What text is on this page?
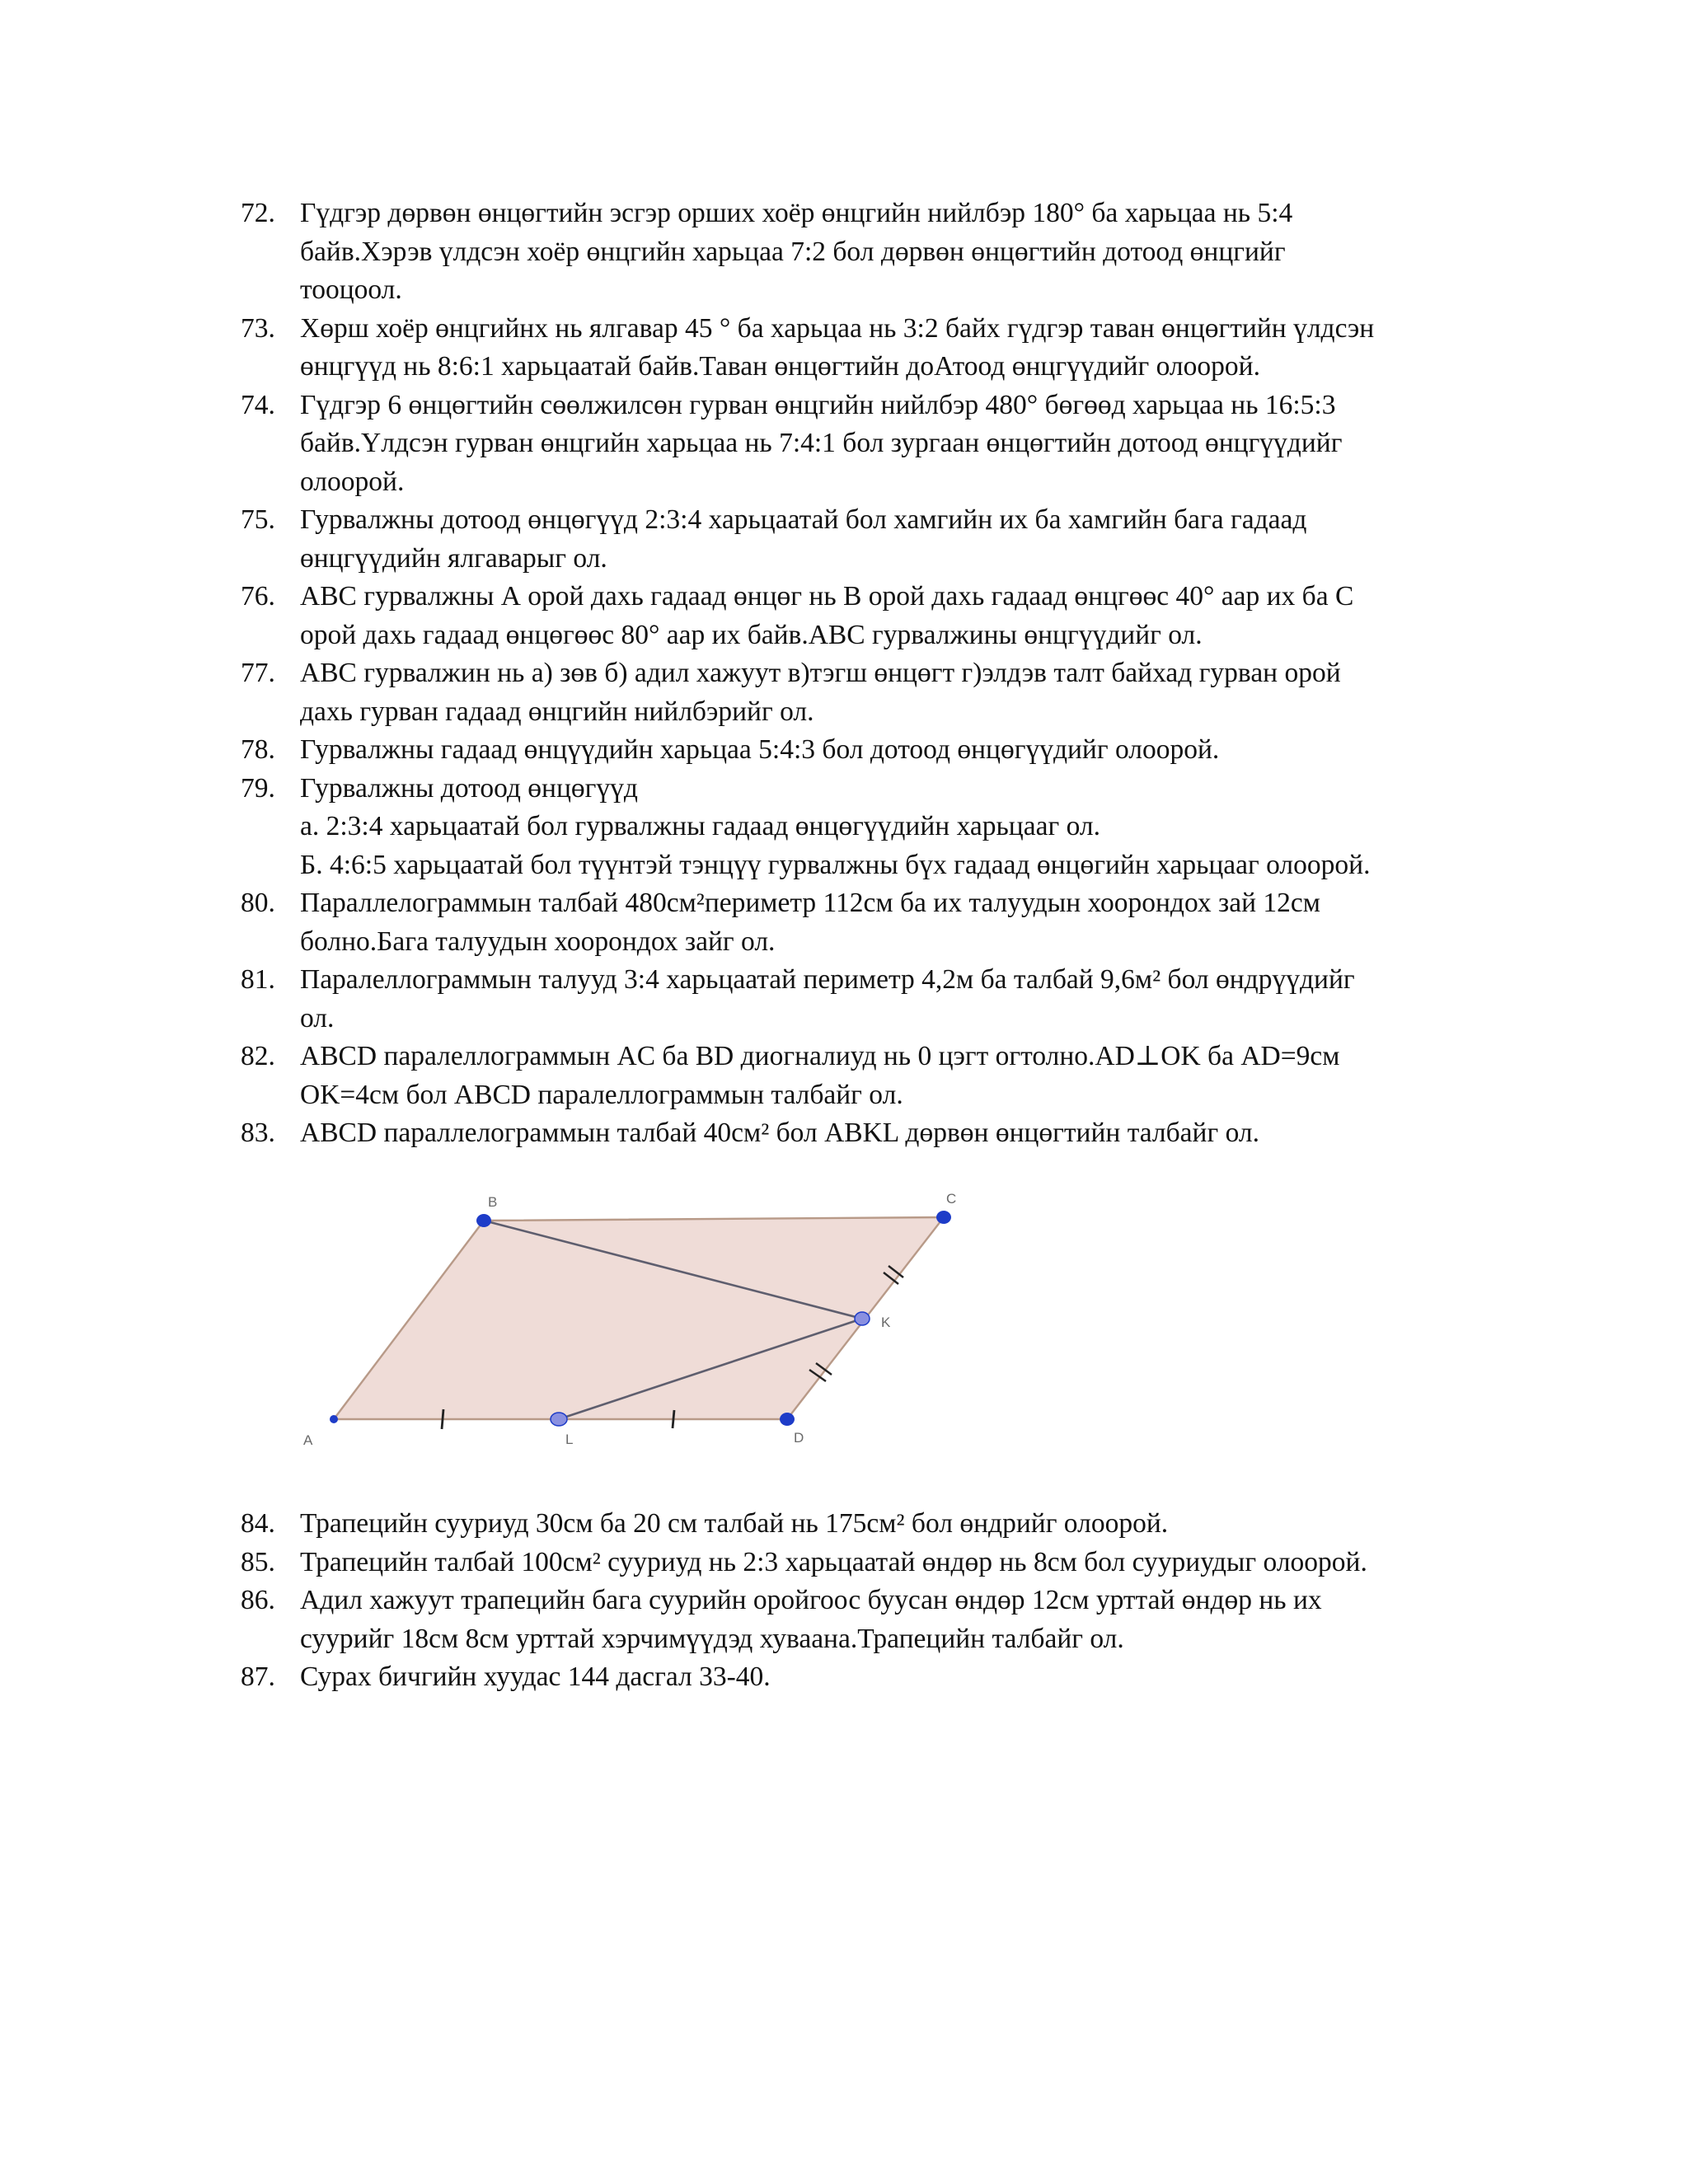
72. Гүдгэр дөрвөн өнцөгтийн эсгэр орших хоёр өнцгийн нийлбэр 180° ба харьцаа нь 5:4
байв.Хэрэв үлдсэн хоёр өнцгийн харьцаа 7:2 бол дөрвөн өнцөгтийн дотоод өнцгийг
тооцоол.
73. Хөрш хоёр өнцгийнх нь ялгавар 45 ° ба харьцаа нь 3:2 байх гүдгэр таван өнцөгтийн үлдсэн
өнцгүүд нь 8:6:1 харьцаатай байв.Таван өнцөгтийн доАтоод өнцгүүдийг олоорой.
74. Гүдгэр 6 өнцөгтийн сөөлжилсөн гурван өнцгийн нийлбэр 480° бөгөөд харьцаа нь 16:5:3
байв.Үлдсэн гурван өнцгийн харьцаа нь 7:4:1 бол зургаан өнцөгтийн дотоод өнцгүүдийг
олоорой.
75. Гурвалжны дотоод өнцөгүүд 2:3:4 харьцаатай бол хамгийн их ба хамгийн бага гадаад
өнцгүүдийн ялгаварыг ол.
76. АВС гурвалжны А орой дахь гадаад өнцөг нь В орой дахь гадаад өнцгөөс 40° аар их ба С
орой дахь гадаад өнцөгөөс 80° аар их байв.АВС гурвалжины өнцгүүдийг ол.
77. АВС гурвалжин нь а) зөв б) адил хажуут в)тэгш өнцөгт г)элдэв талт байхад гурван орой
дахь гурван гадаад өнцгийн нийлбэрийг ол.
78. Гурвалжны гадаад өнцүүдийн харьцаа 5:4:3 бол дотоод өнцөгүүдийг олоорой.
79. Гурвалжны дотоод өнцөгүүд
а. 2:3:4 харьцаатай бол гурвалжны гадаад өнцөгүүдийн харьцааг ол.
Б. 4:6:5 харьцаатай бол түүнтэй тэнцүү гурвалжны бүх гадаад өнцөгийн харьцааг олоорой.
80. Параллелограммын талбай 480см²периметр 112см ба их талуудын хоорондох зай 12см
болно.Бага талуудын хоорондох зайг ол.
81. Паралеллограммын талууд 3:4 харьцаатай периметр 4,2м ба талбай 9,6м² бол өндрүүдийг
ол.
82. ABCD паралеллограммын AC ба BD диогналиуд нь 0 цэгт огтолно.AD⊥OK ба AD=9см
OK=4см бол ABCD паралеллограммын талбайг ол.
83. ABCD параллелограммын талбай 40см² бол ABKL дөрвөн өнцөгтийн талбайг ол.
A
B	C
D
K
L
84. Трапецийн сууриуд 30см ба 20 см талбай нь 175см² бол өндрийг олоорой.
85. Трапецийн талбай 100см² сууриуд нь 2:3 харьцаатай өндөр нь 8см бол сууриудыг олоорой.
86. Адил хажуут трапецийн бага суурийн оройгоос буусан өндөр 12см урттай өндөр нь их
суурийг 18см 8см урттай хэрчимүүдэд хуваана.Трапецийн талбайг ол.
87. Сурах бичгийн хуудас 144 дасгал 33-40.
